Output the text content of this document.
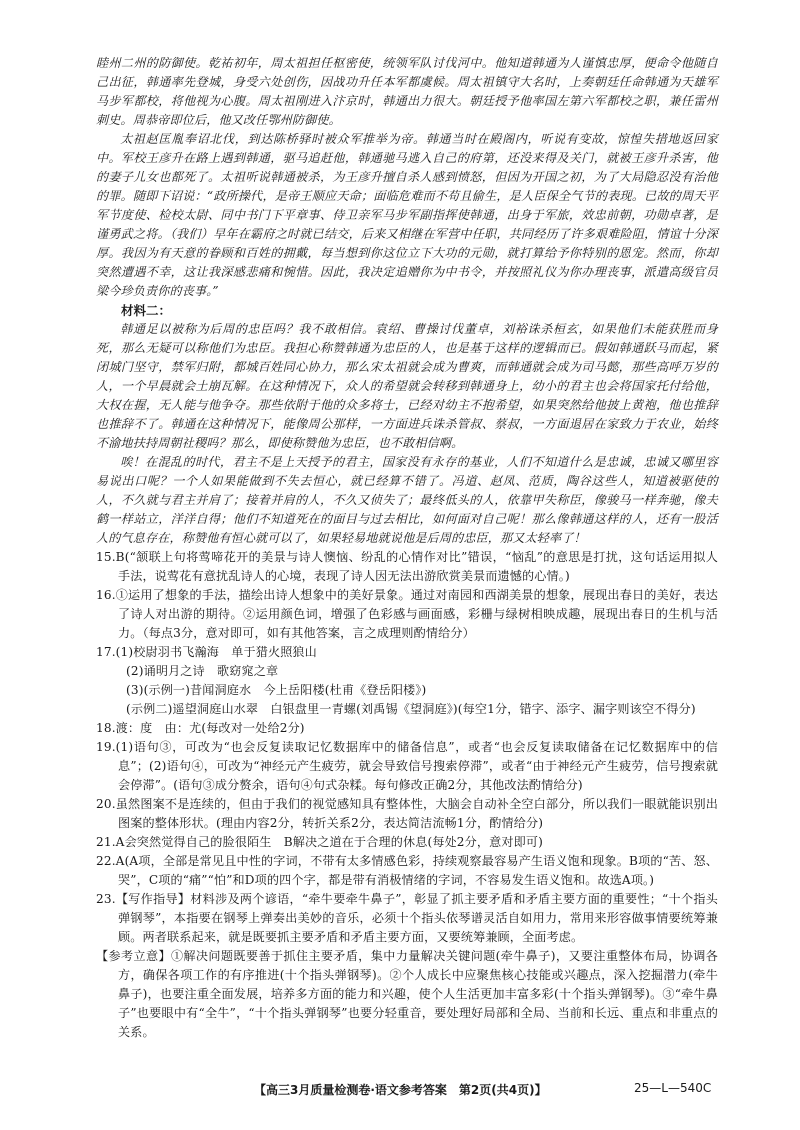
睦州二州的防御使。乾祐初年，周太祖担任枢密使，统领军队讨伐河中。他知道韩通为人谨慎忠厚，便命令他随自己出征，韩通率先登城，身受六处创伤，因战功升任本军都虞候。周太祖镇守大名时，上奏朝廷任命韩通为天雄军马步军都校，将他视为心腹。周太祖刚进入汴京时，韩通出力很大。朝廷授予他率国左第六军都校之职，兼任雷州刺史。周恭帝即位后，他又改任鄂州防御使。

太祖赵匡胤奉诏北伐，到达陈桥驿时被众军推举为帝。韩通当时在殿阁内，听说有变故，惊惶失措地返回家中。军校王彦升在路上遇到韩通，驱马追赶他，韩通驰马逃入自己的府第，还没来得及关门，就被王彦升杀害，他的妻子儿女也都死了。太祖听说韩通被杀，为王彦升擅自杀人感到愤怒，但因为开国之初，为了大局隐忍没有治他的罪。随即下诏说：“政所操代，是帝王顺应天命；面临危难而不苟且偷生，是人臣保全气节的表现。已故的周天平军节度使、检校太尉、同中书门下平章事、侍卫亲军马步军副指挥使韩通，出身于军旅，效忠前朝，功勋卓著，是谨勇武之将。（我们）早年在霸府之时就已结交，后来又相继在军营中任职，共同经历了许多艰难险阻，情谊十分深厚。我因为有天意的眷顾和百姓的拥戴，每当想到你这位立下大功的元勋，就打算给予你特别的恩宠。然而，你却突然遭遇不幸，这让我深感悲痛和惋惜。因此，我决定追赠你为中书令，并按照礼仪为你办理丧事，派遣高级官员梁今珍负责你的丧事。”

材料二：

韩通足以被称为后周的忠臣吗？我不敢相信。袁绍、曹操讨伐董卓，刘裕诛杀桓玄，如果他们未能获胜而身死，那么无疑可以称他们为忠臣。我担心称赞韩通为忠臣的人，也是基于这样的逻辑而已。假如韩通跃马而起，紧闭城门坚守，禁军归附，都城百姓同心协力，那么宋太祖就会成为曹爽，而韩通就会成为司马懿，那些高呼万岁的人，一个早晨就会土崩瓦解。在这种情况下，众人的希望就会转移到韩通身上，幼小的君主也会将国家托付给他，大权在握，无人能与他争夺。那些依附于他的众多将士，已经对幼主不抱希望，如果突然给他披上黄袍，他也推辞也推辞不了。韩通在这种情况下，能像周公那样，一方面进兵诛杀管叔、蔡叔，一方面退居在家致力于农业，始终不渝地扶持周朝社稷吗？那么，即使称赞他为忠臣，也不敢相信啊。

唉！在混乱的时代，君主不是上天授予的君主，国家没有永存的基业，人们不知道什么是忠诚，忠诚又哪里容易说出口呢？一个人如果能做到不失去恒心，就已经算不错了。冯道、赵凤、范质，陶谷这些人，知道被驱使的人，不久就与君主并肩了；接着并肩的人，不久又侦失了；最终低头的人，依靠甲失称臣，像骏马一样奔驰，像夫鹤一样站立，洋洋自得；他们不知道死在的面目与过去相比，如何面对自己呢！那么像韩通这样的人，还有一股活人的气息存在，称赞他有恒心就可以了，如果轻易地就说他是后周的忠臣，那又太轻率了！

15.B(“颔联上句将莺啼花开的美景与诗人懊恼、纷乱的心情作对比”错误，“恼乱”的意思是打扰，这句话运用拟人手法，说莺花有意扰乱诗人的心境，表现了诗人因无法出游欣赏美景而遗憾的心情。)

16.①运用了想象的手法，描绘出诗人想象中的美好景象。通过对南园和西湖美景的想象，展现出春日的美好，表达了诗人对出游的期待。②运用颜色词，增强了色彩感与画面感，彩栅与绿树相映成趣，展现出春日的生机与活力。（每点3分，意对即可，如有其他答案，言之成理则酌情给分）

17.(1)校尉羽书飞瀚海　单于猎火照狼山

(2)诵明月之诗　歌窈窕之章

(3)(示例一)昔闻洞庭水　今上岳阳楼(杜甫《登岳阳楼》)

(示例二)遥望洞庭山水翠　白银盘里一青螺(刘禹锡《望洞庭》)(每空1分，错字、添字、漏字则该空不得分)

18.渡：度　由：尤(每改对一处给2分)

19.(1)语句③，可改为“也会反复读取记忆数据库中的储备信息”，或者“也会反复读取储备在记忆数据库中的信息”；(2)语句④，可改为“神经元产生疲劳，就会导致信号搜索停滞”，或者“由于神经元产生疲劳，信号搜索就会停滞”。(语句③成分赘余，语句④句式杂糅。每句修改正确2分，其他改法酌情给分)

20.虽然图案不是连续的，但由于我们的视觉感知具有整体性，大脑会自动补全空白部分，所以我们一眼就能识别出图案的整体形状。(理由内容2分，转折关系2分，表达简洁流畅1分，酌情给分)

21.A会突然觉得自己的脸很陌生　B解决之道在于合理的休息(每处2分，意对即可)

22.A(A项，全部是常见且中性的字词，不带有太多情感色彩，持续观察最容易产生语义饱和现象。B项的“苦、怒、哭”，C项的“痛”“怕”和D项的四个字，都是带有消极情绪的字词，不容易发生语义饱和。故选A项。)

23.【写作指导】材料涉及两个谚语，“牵牛要牵牛鼻子”，彰显了抓主要矛盾和矛盾主要方面的重要性；“十个指头弹钢琴”，本指要在钢琴上弹奏出美妙的音乐，必须十个指头依琴谱灵活自如用力，常用来形容做事情要统筹兼顾。两者联系起来，就是既要抓主要矛盾和矛盾主要方面，又要统筹兼顾，全面考虑。

【参考立意】①解决问题既要善于抓住主要矛盾，集中力量解决关键问题(牵牛鼻子)，又要注重整体布局，协调各方，确保各项工作的有序推进(十个指头弹钢琴)。②个人成长中应聚焦核心技能或兴趣点，深入挖掘潜力(牵牛鼻子)，也要注重全面发展，培养多方面的能力和兴趣，使个人生活更加丰富多彩(十个指头弹钢琴)。③“牵牛鼻子”也要眼中有“全牛”，“十个指头弹钢琴”也要分轻重音，要处理好局部和全局、当前和长远、重点和非重点的关系。

【高三3月质量检测卷·语文参考答案　第2页(共4页)】	25—L—540C
